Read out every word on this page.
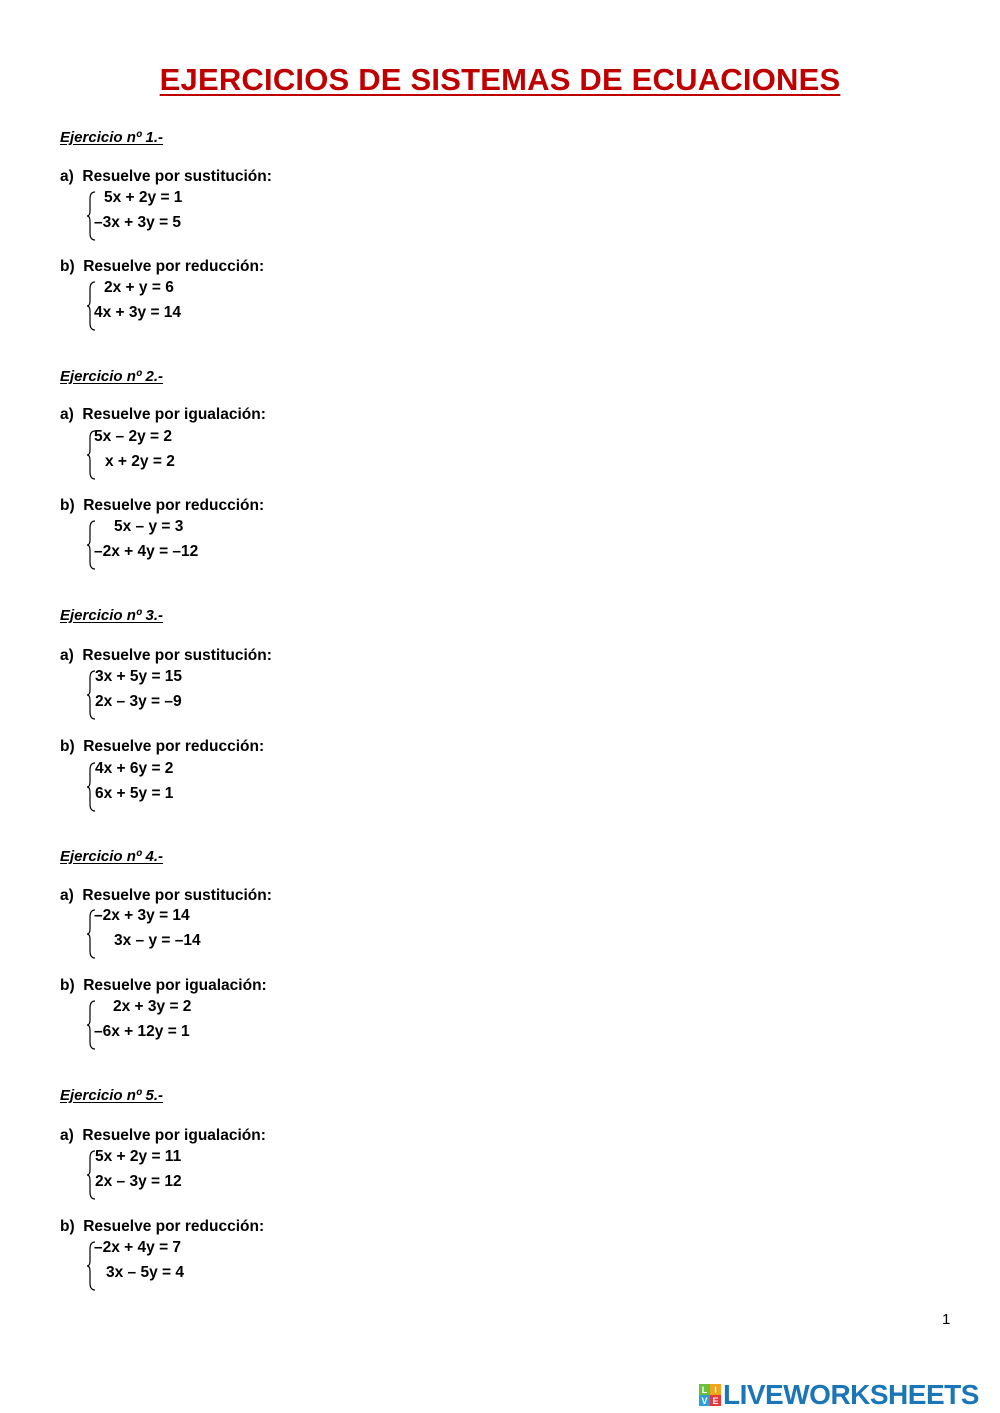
EJERCICIOS DE SISTEMAS DE ECUACIONES
Ejercicio nº 1.-
a)  Resuelve por sustitución:
5x + 2y = 1
–3x + 3y = 5
b)  Resuelve por reducción:
2x + y = 6
4x + 3y = 14
Ejercicio nº 2.-
a)  Resuelve por igualación:
5x – 2y = 2
x + 2y = 2
b)  Resuelve por reducción:
5x – y = 3
–2x + 4y = –12
Ejercicio nº 3.-
a)  Resuelve por sustitución:
3x + 5y = 15
2x – 3y = –9
b)  Resuelve por reducción:
4x + 6y = 2
6x + 5y = 1
Ejercicio nº 4.-
a)  Resuelve por sustitución:
–2x + 3y = 14
3x – y = –14
b)  Resuelve por igualación:
2x + 3y = 2
–6x + 12y = 1
Ejercicio nº 5.-
a)  Resuelve por igualación:
5x + 2y = 11
2x – 3y = 12
b)  Resuelve por reducción:
–2x + 4y = 7
3x – 5y = 4
1
L I
V E LIVEWORKSHEETS
